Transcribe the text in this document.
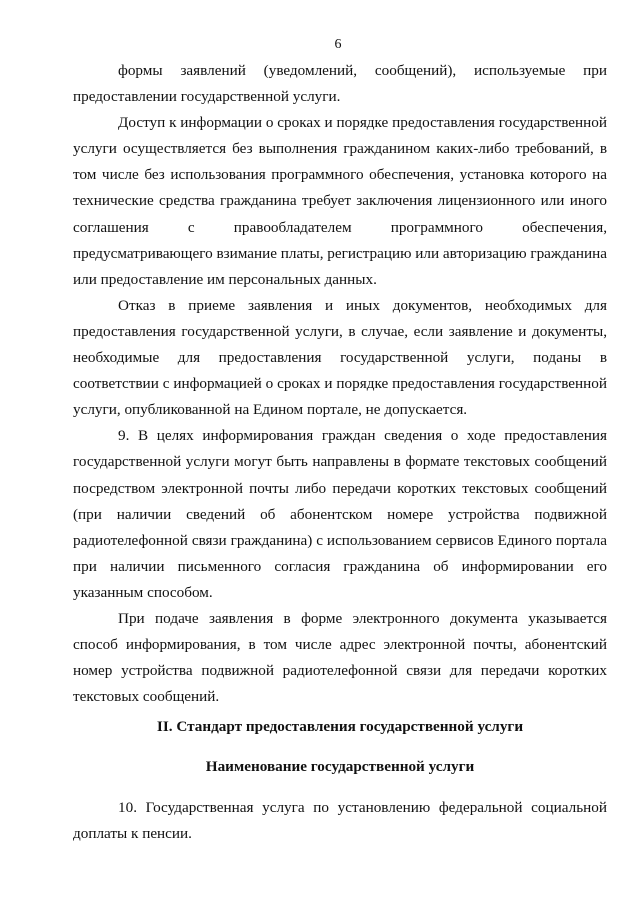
6

формы заявлений (уведомлений, сообщений), используемые при предоставлении государственной услуги.

Доступ к информации о сроках и порядке предоставления государственной услуги осуществляется без выполнения гражданином каких-либо требований, в том числе без использования программного обеспечения, установка которого на технические средства гражданина требует заключения лицензионного или иного соглашения с правообладателем программного обеспечения, предусматривающего взимание платы, регистрацию или авторизацию гражданина или предоставление им персональных данных.

Отказ в приеме заявления и иных документов, необходимых для предоставления государственной услуги, в случае, если заявление и документы, необходимые для предоставления государственной услуги, поданы в соответствии с информацией о сроках и порядке предоставления государственной услуги, опубликованной на Едином портале, не допускается.

9. В целях информирования граждан сведения о ходе предоставления государственной услуги могут быть направлены в формате текстовых сообщений посредством электронной почты либо передачи коротких текстовых сообщений (при наличии сведений об абонентском номере устройства подвижной радиотелефонной связи гражданина) с использованием сервисов Единого портала при наличии письменного согласия гражданина об информировании его указанным способом.

При подаче заявления в форме электронного документа указывается способ информирования, в том числе адрес электронной почты, абонентский номер устройства подвижной радиотелефонной связи для передачи коротких текстовых сообщений.

II. Стандарт предоставления государственной услуги

Наименование государственной услуги

10. Государственная услуга по установлению федеральной социальной доплаты к пенсии.
